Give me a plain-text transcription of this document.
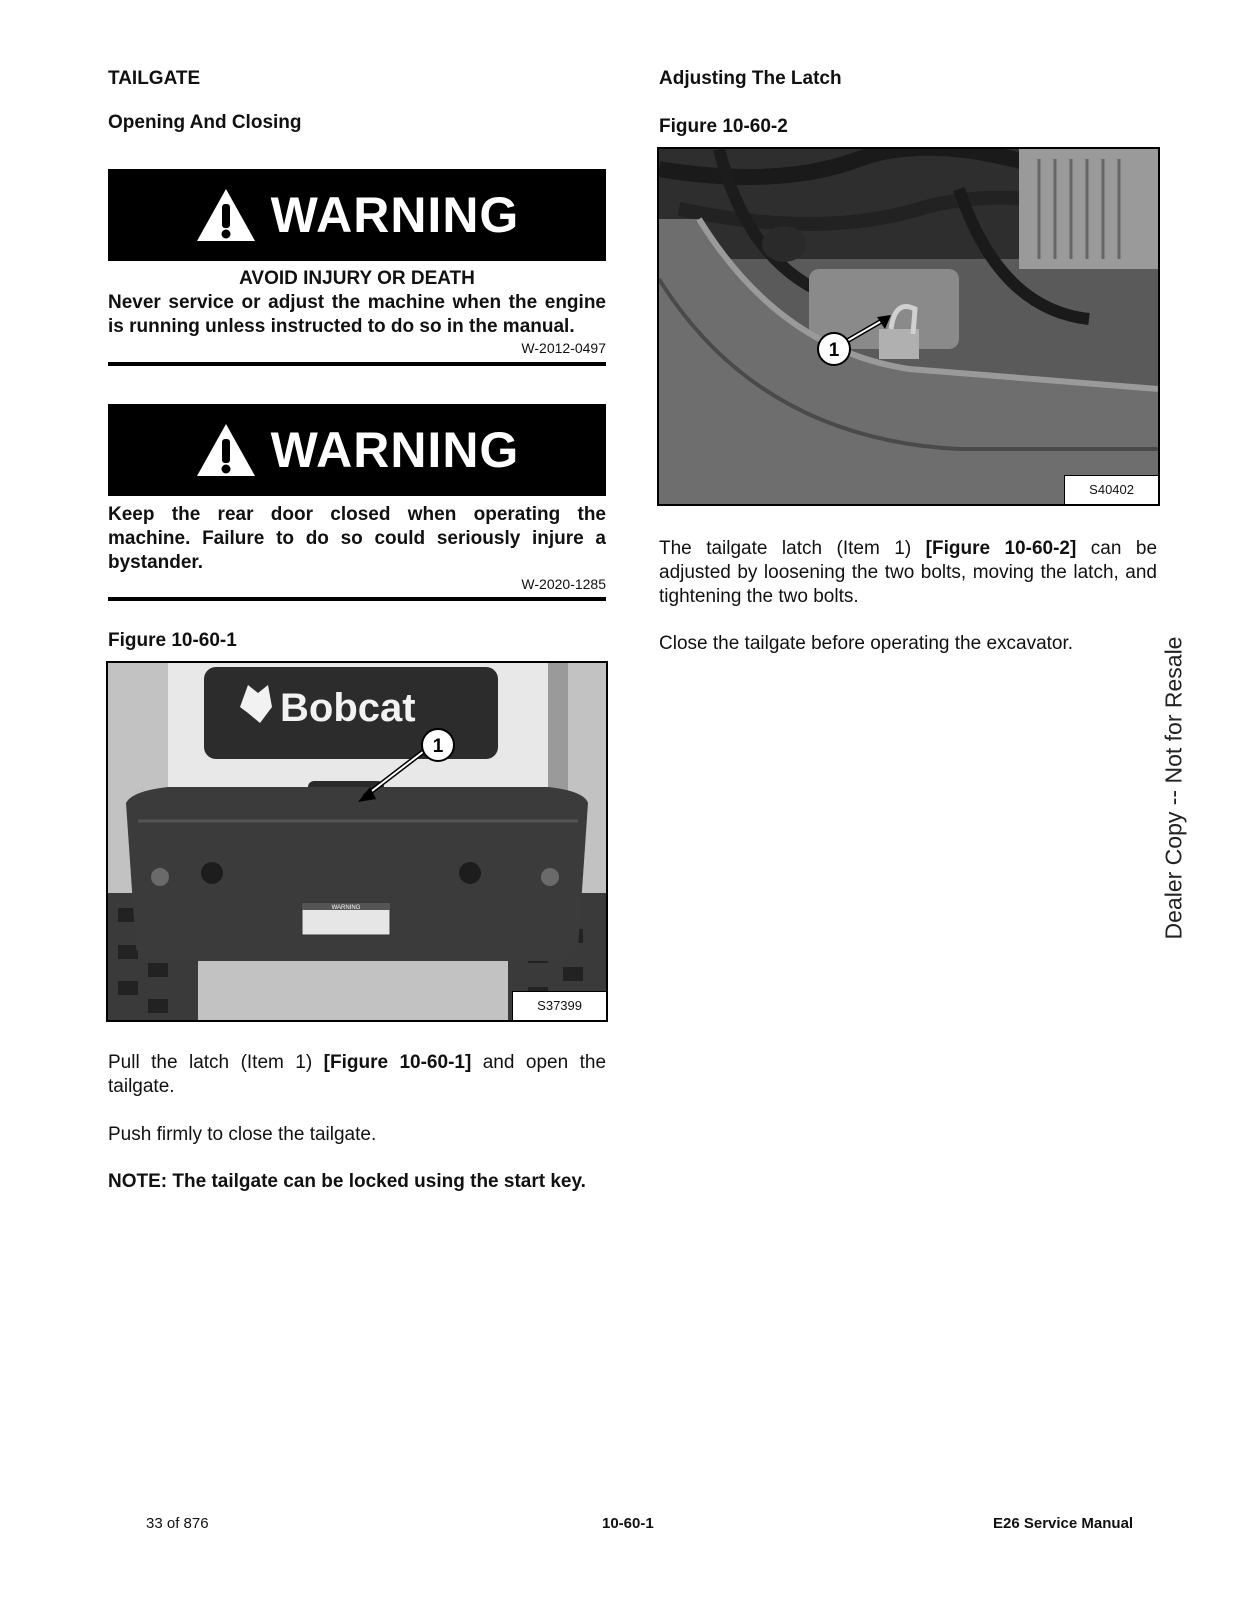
TAILGATE
Opening And Closing
WARNING
AVOID INJURY OR DEATH
Never service or adjust the machine when the engine is running unless instructed to do so in the manual.
W-2012-0497
WARNING
Keep the rear door closed when operating the machine. Failure to do so could seriously injure a bystander.
W-2020-1285
Figure 10-60-1
Bobcat
WARNING
1
S37399
Pull the latch (Item 1) [Figure 10-60-1] and open the tailgate.
Push firmly to close the tailgate.
NOTE: The tailgate can be locked using the start key.
Adjusting The Latch
Figure 10-60-2
1
S40402
The tailgate latch (Item 1) [Figure 10-60-2] can be adjusted by loosening the two bolts, moving the latch, and tightening the two bolts.
Close the tailgate before operating the excavator.	Dealer Copy -- Not for Resale
33 of 876	10-60-1	E26 Service Manual
